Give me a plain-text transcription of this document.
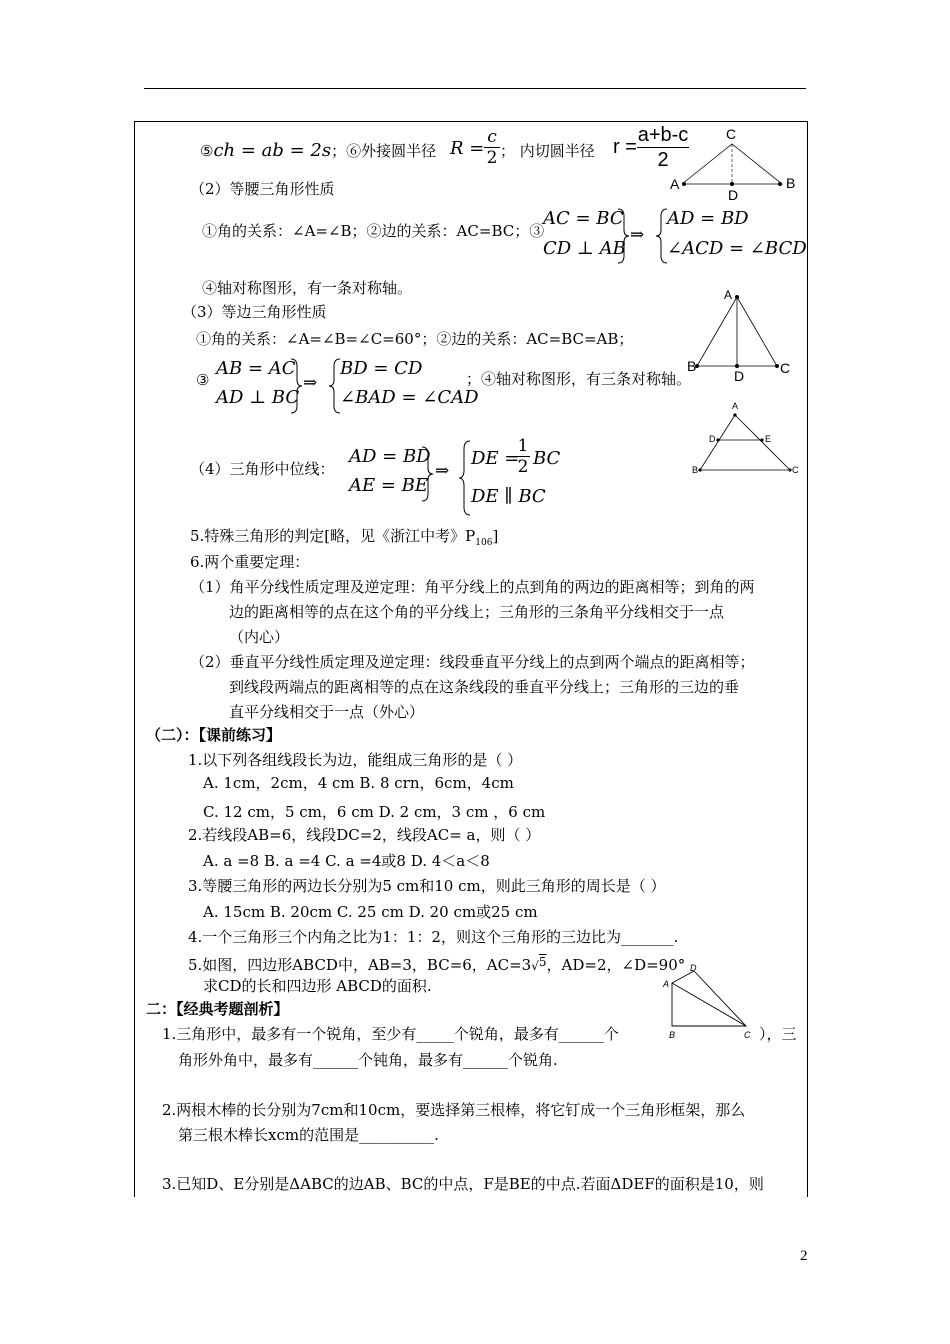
⑤ch = ab = 2s；⑥外接圆半径 R =
c
2 ； 内切圆半径 r =
a+b-c
2
C
A
D
B
（2）等腰三角形性质
①角的关系：∠A=∠B；②边的关系：AC=BC；③
AC = BC
CD ⊥ AB
⇒
AD = BD
∠ACD = ∠BCD
④轴对称图形，有一条对称轴。	A
B
D	C
（3）等边三角形性质
①角的关系：∠A=∠B=∠C=60°；②边的关系：AC=BC=AB；
③
AB = AC
AD ⊥ BC
⇒
BD = CD
∠BAD = ∠CAD
；④轴对称图形，有三条对称轴。
A
D	E
B	C
（4）三角形中位线：
AD = BD
AE = BE
⇒
DE =
1
2 BC
DE ∥ BC
5.特殊三角形的判定[略，见《浙江中考》$P_{106}$]
6.两个重要定理：
（1）角平分线性质定理及逆定理：角平分线上的点到角的两边的距离相等；到角的两
边的距离相等的点在这个角的平分线上；三角形的三条角平分线相交于一点
（内心）
（2）垂直平分线性质定理及逆定理：线段垂直平分线上的点到两个端点的距离相等；
到线段两端点的距离相等的点在这条线段的垂直平分线上；三角形的三边的垂
直平分线相交于一点（外心）
（二）：【课前练习】
1.以下列各组线段长为边，能组成三角形的是（ ）
A. 1cm，2cm，4 cm B. 8 crn，6cm，4cm
C. 12 cm，5 cm，6 cm D. 2 cm，3 cm ，6 cm
2.若线段AB=6，线段DC=2，线段AC= a，则（ ）
A. a =8 B. a =4 C. a =4或8 D. 4＜a＜8
3.等腰三角形的两边长分别为5 cm和10 cm，则此三角形的周长是（ ）
A. 15cm B. 20cm C. 25 cm D. 20 cm或25 cm
4.一个三角形三个内角之比为1：1：2，则这个三角形的三边比为_______.
5.如图，四边形ABCD中，AB=3，BC=6，AC=3√$^5$，AD=2，∠D=90°
求CD的长和四边形 ABCD的面积.
D
A
B	C
二：【经典考题剖析】
1.三角形中，最多有一个锐角，至少有_____个锐角，最多有______个	），三
角形外角中，最多有______个钝角，最多有______个锐角.
2.两根木棒的长分别为7cm和10cm，要选择第三根棒，将它钉成一个三角形框架，那么
第三根木棒长xcm的范围是__________.
3.已知D、E分别是ΔABC的边AB、BC的中点，F是BE的中点.若面ΔDEF的面积是10，则
2
